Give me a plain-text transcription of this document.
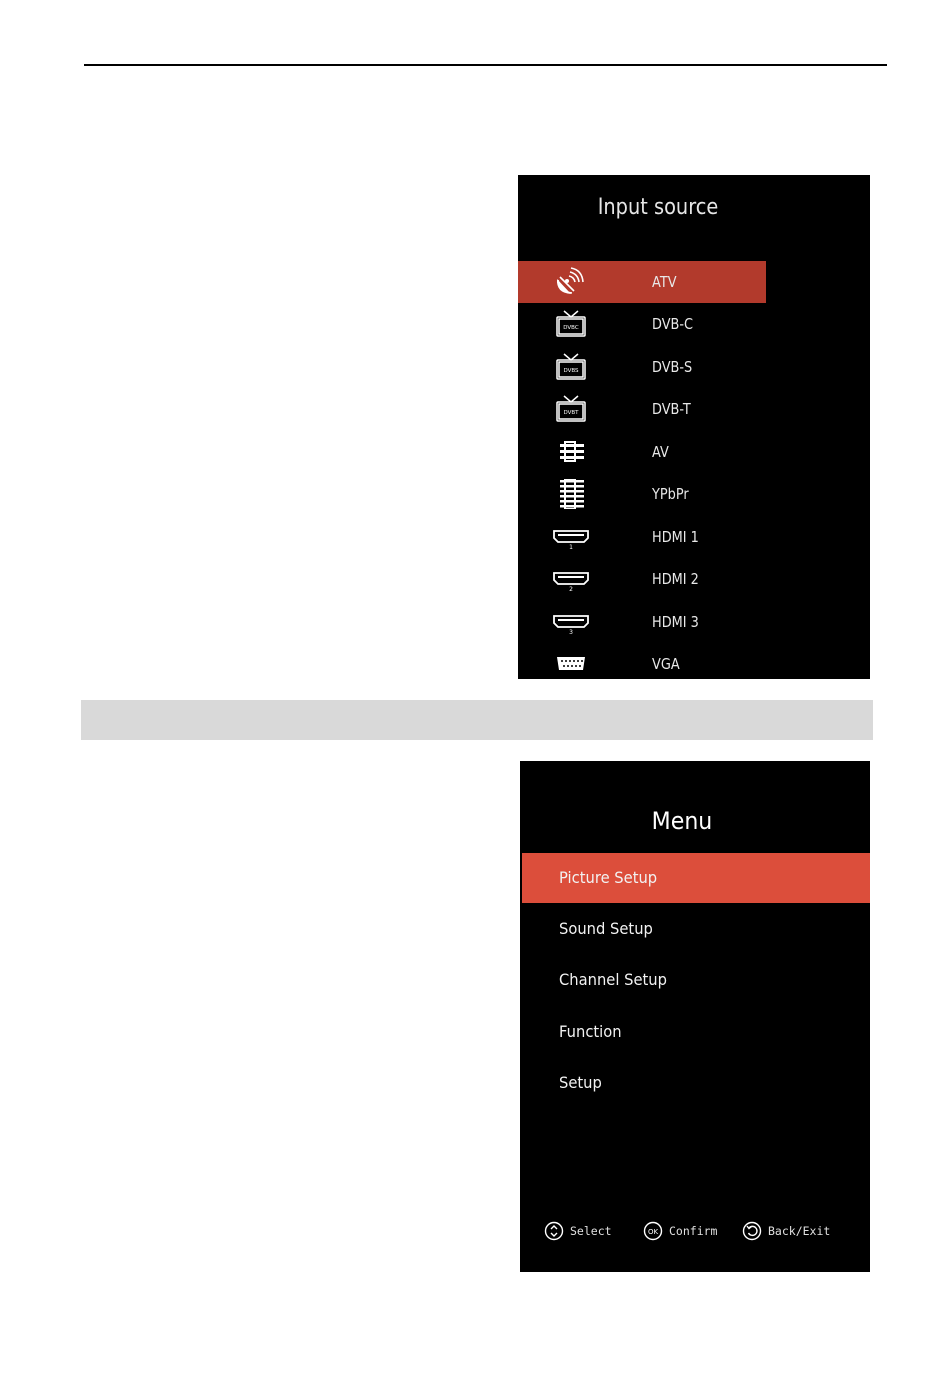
Input source
ATV
DVBC	DVB-C
DVBS	DVB-S
DVBT	DVB-T
AV
YPbPr
1
HDMI 1
2
HDMI 2
3
HDMI 3
VGA
Menu
Picture Setup
Sound Setup
Channel Setup
Function
Setup
Select	OK Confirm	Back/Exit
